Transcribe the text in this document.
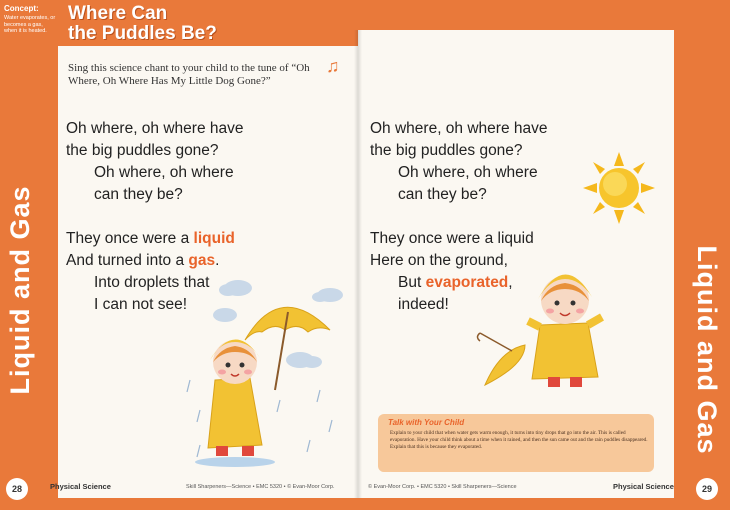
Concept:
Water evaporates, or becomes a gas, when it is heated.
Where Can
the Puddles Be?
Liquid and Gas
Sing this science chant to your child to the tune of “Oh Where, Oh Where Has My Little Dog Gone?”
♫
Oh where, oh where have
the big puddles gone?
Oh where, oh where
can they be?
They once were a liquid
And turned into a gas.
Into droplets that
I can not see!
28	Physical Science	Skill Sharpeners—Science • EMC 5320 • © Evan-Moor Corp.
Liquid and Gas
Oh where, oh where have
the big puddles gone?
Oh where, oh where
can they be?
They once were a liquid
Here on the ground,
But evaporated,
indeed!
Talk with Your Child
Explain to your child that when water gets warm enough, it turns into tiny drops that go into the air. This is called evaporation. Have your child think about a time when it rained, and then the sun came out and the rain puddles disappeared. Explain that this is because they evaporated.
© Evan-Moor Corp. • EMC 5320 • Skill Sharpeners—Science	Physical Science	29
